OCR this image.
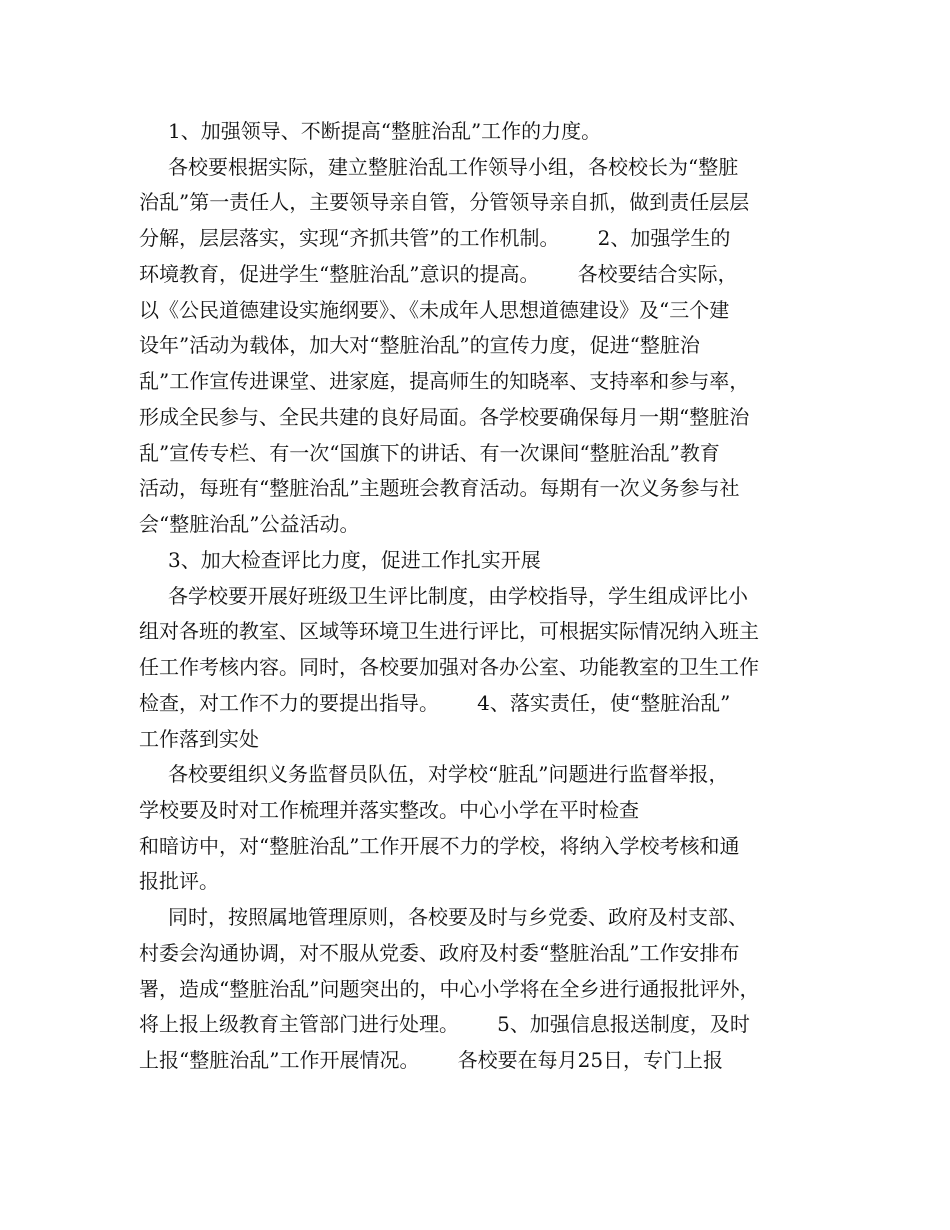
1、加强领导、不断提高“整脏治乱”工作的力度。

各校要根据实际，建立整脏治乱工作领导小组，各校校长为“整脏

治乱”第一责任人，主要领导亲自管，分管领导亲自抓，做到责任层层

分解，层层落实，实现“齐抓共管”的工作机制。      2、加强学生的

环境教育，促进学生“整脏治乱”意识的提高。      各校要结合实际，

以《公民道德建设实施纲要》、《未成年人思想道德建设》及“三个建

设年”活动为载体，加大对“整脏治乱”的宣传力度，促进“整脏治

乱”工作宣传进课堂、进家庭，提高师生的知晓率、支持率和参与率，

形成全民参与、全民共建的良好局面。各学校要确保每月一期“整脏治

乱”宣传专栏、有一次“国旗下的讲话、有一次课间“整脏治乱”教育

活动，每班有“整脏治乱”主题班会教育活动。每期有一次义务参与社

会“整脏治乱”公益活动。

3、加大检查评比力度，促进工作扎实开展

各学校要开展好班级卫生评比制度，由学校指导，学生组成评比小

组对各班的教室、区域等环境卫生进行评比，可根据实际情况纳入班主

任工作考核内容。同时，各校要加强对各办公室、功能教室的卫生工作

检查，对工作不力的要提出指导。      4、落实责任，使“整脏治乱”

工作落到实处

各校要组织义务监督员队伍，对学校“脏乱”问题进行监督举报，

学校要及时对工作梳理并落实整改。中心小学在平时检查

和暗访中，对“整脏治乱”工作开展不力的学校，将纳入学校考核和通

报批评。

同时，按照属地管理原则，各校要及时与乡党委、政府及村支部、

村委会沟通协调，对不服从党委、政府及村委“整脏治乱”工作安排布

署，造成“整脏治乱”问题突出的，中心小学将在全乡进行通报批评外，

将上报上级教育主管部门进行处理。      5、加强信息报送制度，及时

上报“整脏治乱”工作开展情况。      各校要在每月25日，专门上报
